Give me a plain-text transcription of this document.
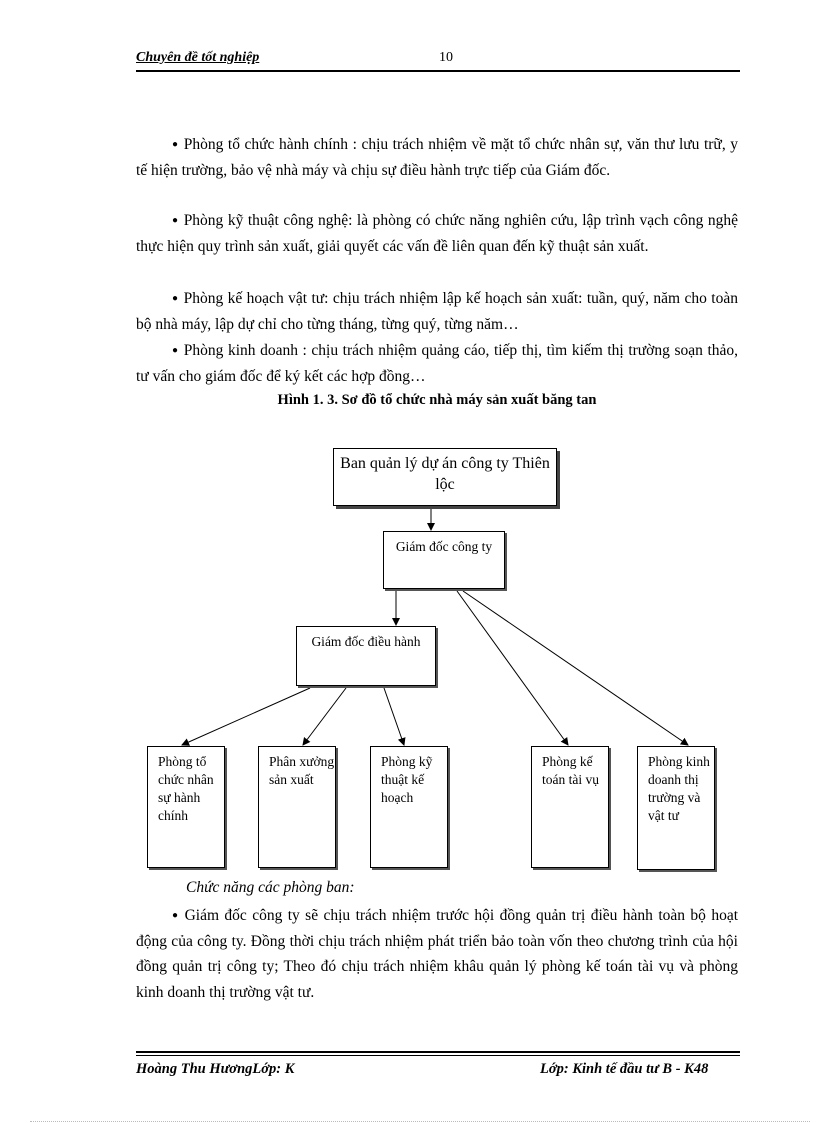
Chuyên đề tốt nghiệp	10
● Phòng tổ chức hành chính : chịu trách nhiệm về mặt tổ chức nhân sự, văn thư lưu trữ, y tế hiện trường, bảo vệ nhà máy và chịu sự điều hành trực tiếp của Giám đốc.
● Phòng kỹ thuật công nghệ: là phòng có chức năng nghiên cứu, lập trình vạch công nghệ thực hiện quy trình sản xuất, giải quyết các vấn đề liên quan đến kỹ thuật sản xuất.
● Phòng kế hoạch vật tư: chịu trách nhiệm lập kế hoạch sản xuất: tuần, quý, năm cho toàn bộ nhà máy, lập dự chỉ cho từng tháng, từng quý, từng năm…
● Phòng kinh doanh : chịu trách nhiệm quảng cáo, tiếp thị, tìm kiếm thị trường soạn thảo, tư vấn cho giám đốc để ký kết các hợp đồng…
Hình 1. 3. Sơ đồ tổ chức nhà máy sản xuất băng tan
Ban quản lý dự án công ty Thiên lộc
Giám đốc công ty
Giám đốc điều hành
Phòng tổ chức nhân sự hành chính
Phân xưởng sản xuất
Phòng kỹ thuật kế hoạch
Phòng kế toán tài vụ
Phòng kinh doanh thị trường và vật tư
Chức năng các phòng ban:
● Giám đốc công ty sẽ chịu trách nhiệm trước hội đồng quản trị điều hành toàn bộ hoạt động của công ty. Đồng thời chịu trách nhiệm phát triển bảo toàn vốn theo chương trình của hội đồng quản trị công ty; Theo đó chịu trách nhiệm khâu quản lý phòng kế toán tài vụ và phòng kinh doanh thị trường vật tư.
Hoàng Thu HươngLớp: K	Lớp: Kinh tế đầu tư B - K48
